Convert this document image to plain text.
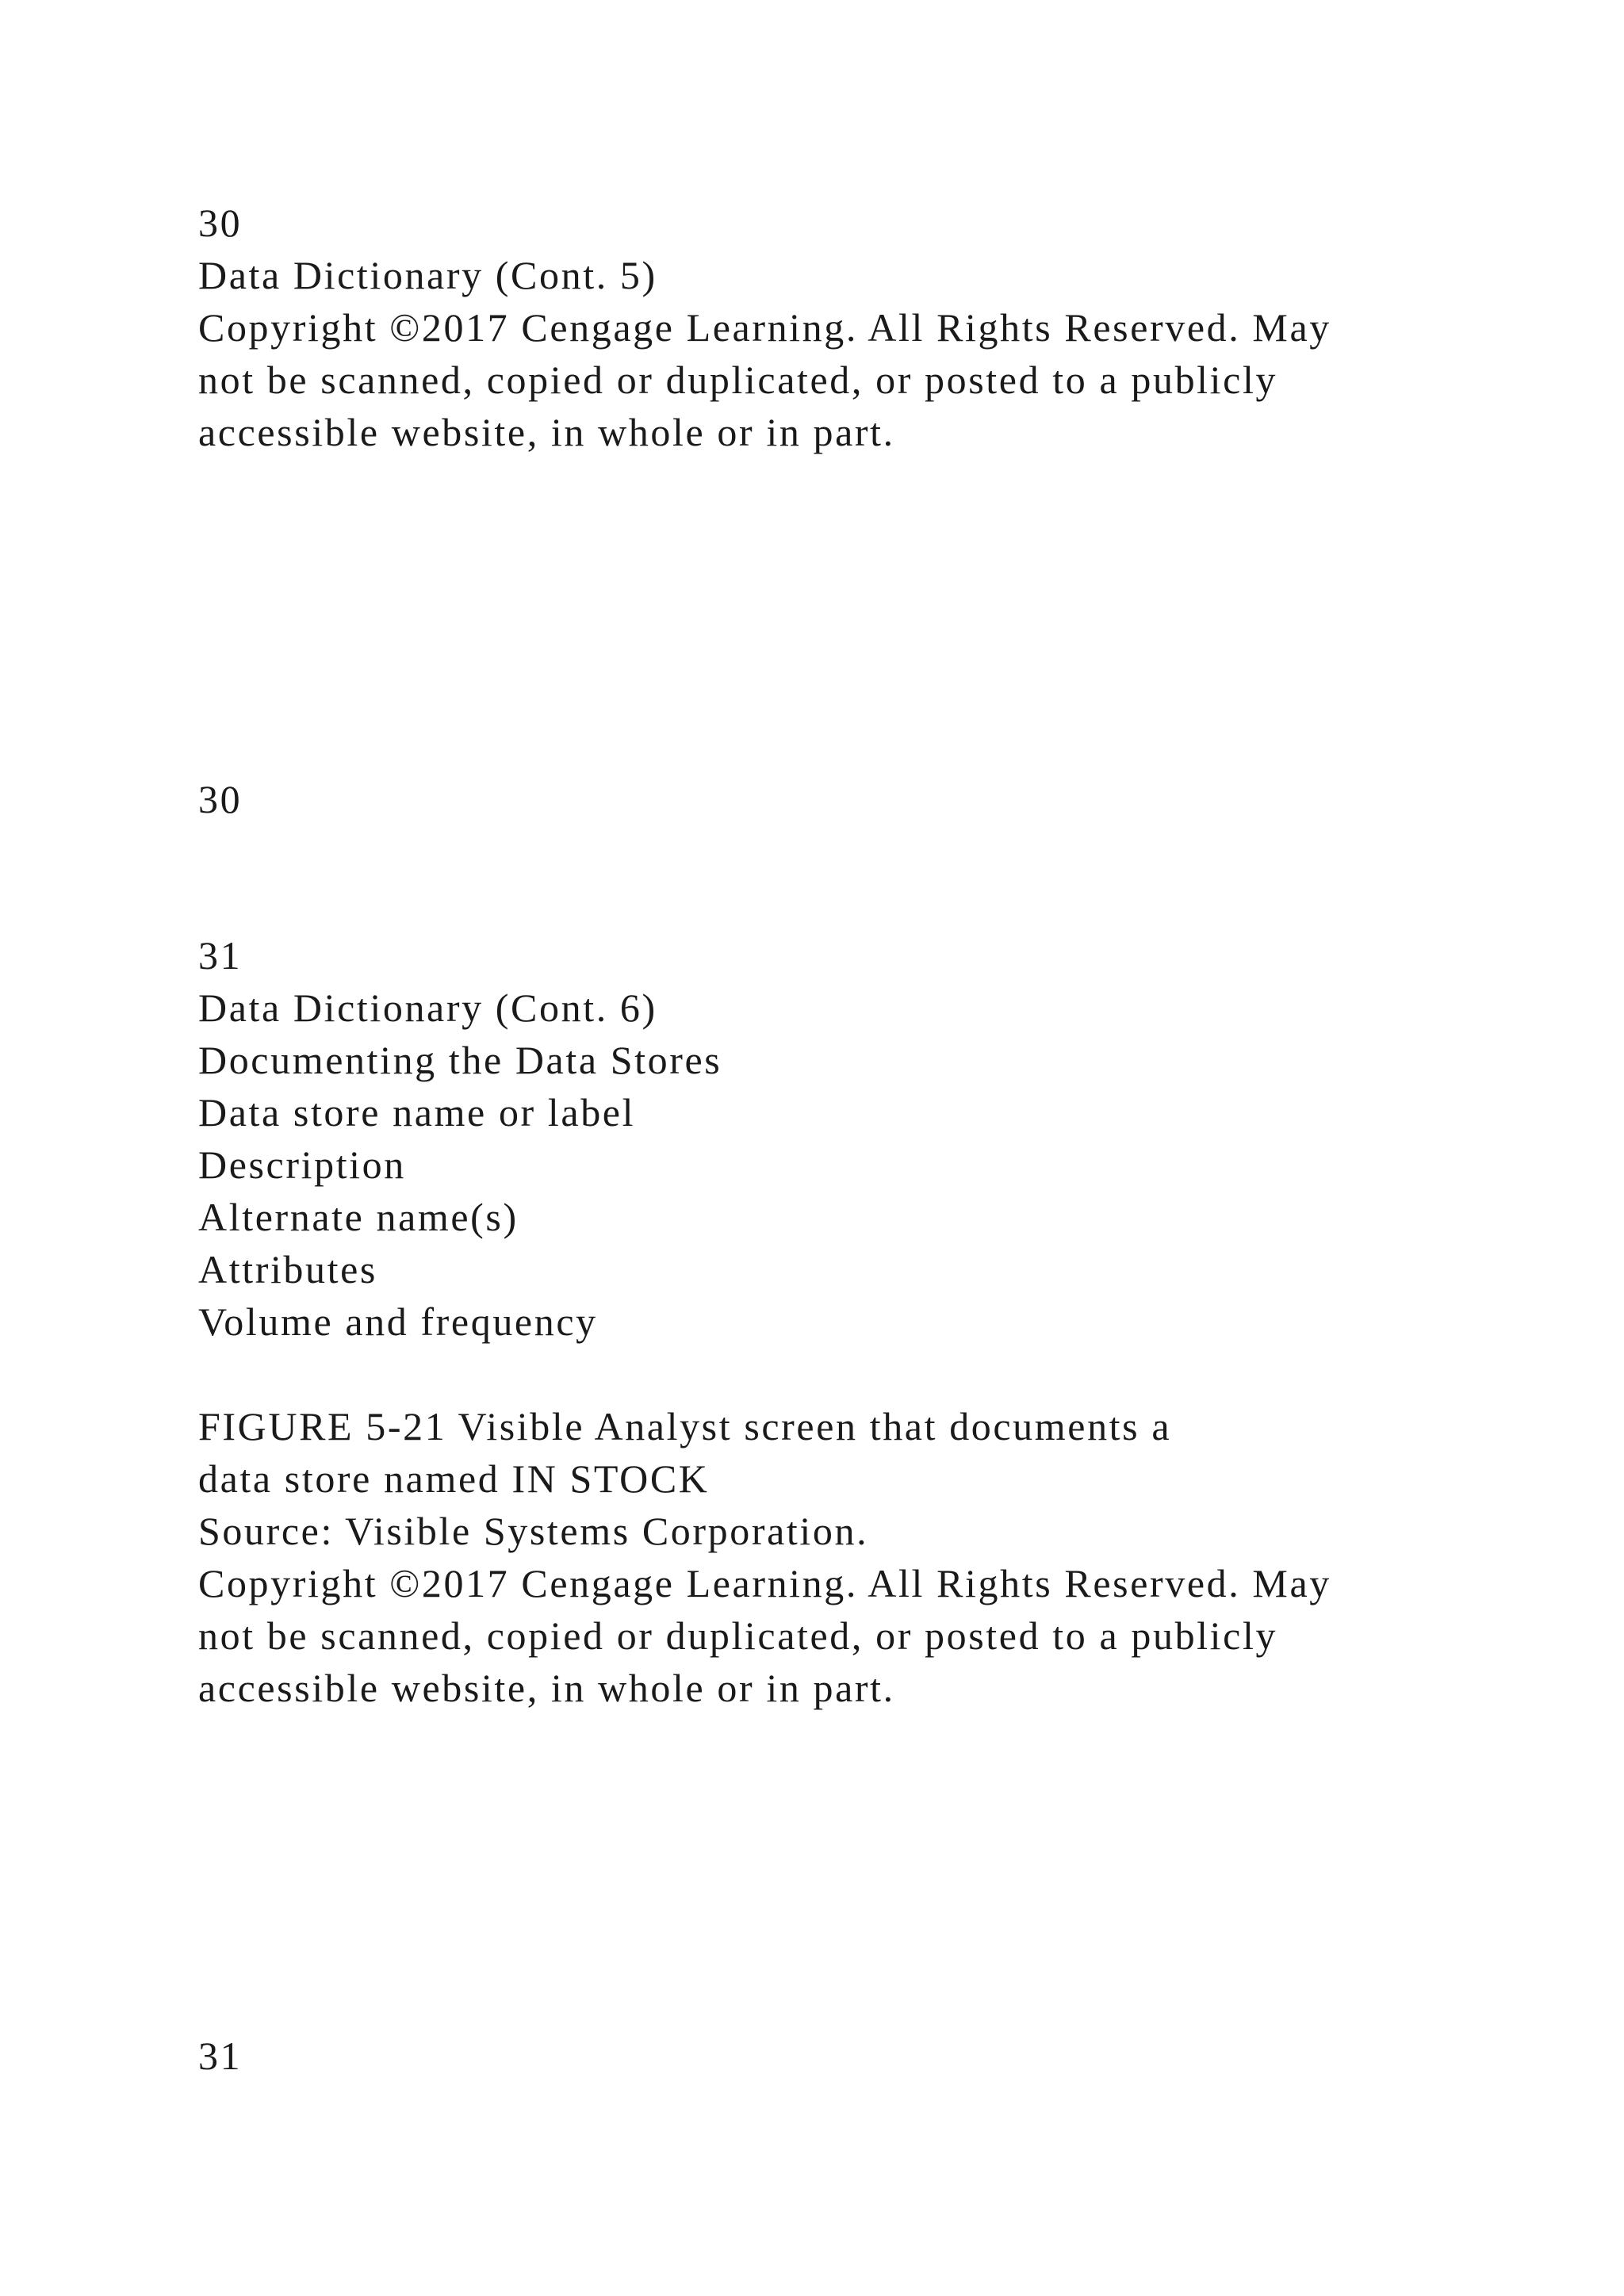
30
Data Dictionary (Cont. 5)
Copyright ©2017 Cengage Learning. All Rights Reserved. May
not be scanned, copied or duplicated, or posted to a publicly
accessible website, in whole or in part.
30
31
Data Dictionary (Cont. 6)
Documenting the Data Stores
Data store name or label
Description
Alternate name(s)
Attributes
Volume and frequency
FIGURE 5-21 Visible Analyst screen that documents a
data store named IN STOCK
Source: Visible Systems Corporation.
Copyright ©2017 Cengage Learning. All Rights Reserved. May
not be scanned, copied or duplicated, or posted to a publicly
accessible website, in whole or in part.
31
